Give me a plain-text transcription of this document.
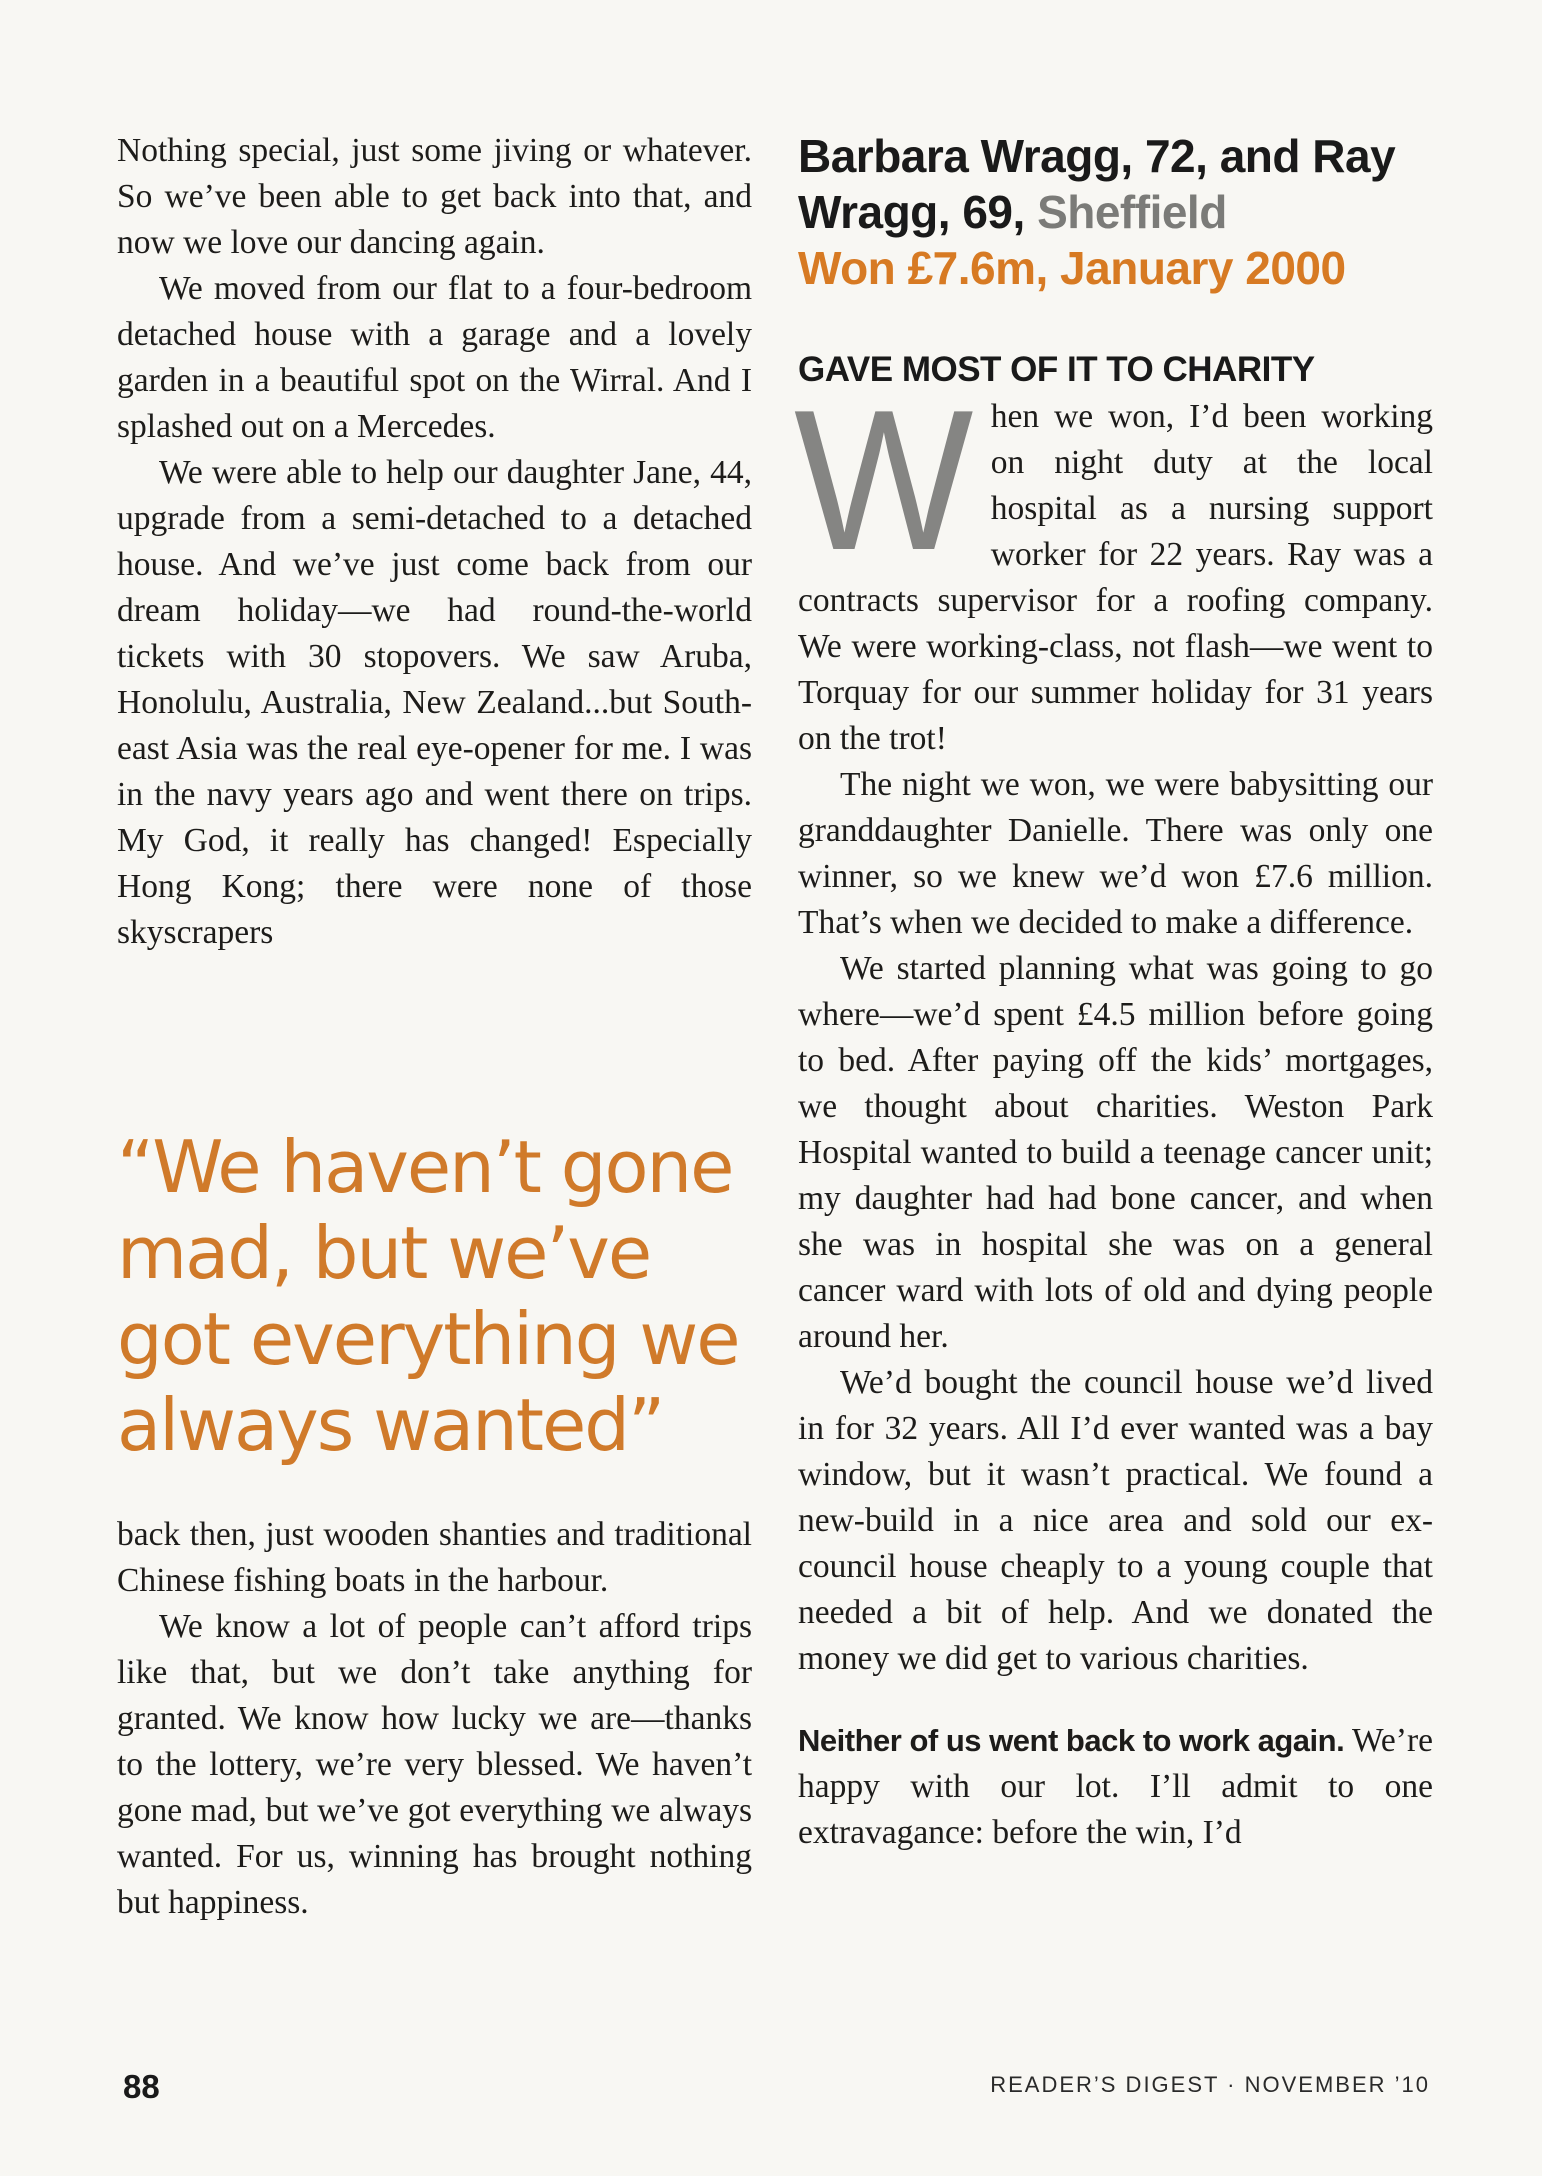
Nothing special, just some jiving or whatever. So we’ve been able to get back into that, and now we love our dancing again.

We moved from our flat to a four-bedroom detached house with a garage and a lovely garden in a beautiful spot on the Wirral. And I splashed out on a Mercedes.

We were able to help our daughter Jane, 44, upgrade from a semi-detached to a detached house. And we’ve just come back from our dream holiday—we had round-the-world tickets with 30 stopovers. We saw Aruba, Honolulu, Australia, New Zealand...but South-east Asia was the real eye-opener for me. I was in the navy years ago and went there on trips. My God, it really has changed! Especially Hong Kong; there were none of those skyscrapers

“We haven’t gone mad, but we’ve got everything we always wanted”

back then, just wooden shanties and traditional Chinese fishing boats in the harbour.

We know a lot of people can’t afford trips like that, but we don’t take anything for granted. We know how lucky we are—thanks to the lottery, we’re very blessed. We haven’t gone mad, but we’ve got everything we always wanted. For us, winning has brought nothing but happiness.

Barbara Wragg, 72, and Ray Wragg, 69, Sheffield
Won £7.6m, January 2000
GAVE MOST OF IT TO CHARITY

When we won, I’d been working on night duty at the local hospital as a nursing support worker for 22 years. Ray was a contracts supervisor for a roofing company. We were working-class, not flash—we went to Torquay for our summer holiday for 31 years on the trot!

The night we won, we were babysitting our granddaughter Danielle. There was only one winner, so we knew we’d won £7.6 million. That’s when we decided to make a difference.

We started planning what was going to go where—we’d spent £4.5 million before going to bed. After paying off the kids’ mortgages, we thought about charities. Weston Park Hospital wanted to build a teenage cancer unit; my daughter had had bone cancer, and when she was in hospital she was on a general cancer ward with lots of old and dying people around her.

We’d bought the council house we’d lived in for 32 years. All I’d ever wanted was a bay window, but it wasn’t practical. We found a new-build in a nice area and sold our ex-council house cheaply to a young couple that needed a bit of help. And we donated the money we did get to various charities.

Neither of us went back to work again. We’re happy with our lot. I’ll admit to one extravagance: before the win, I’d

88	READER’S DIGEST · NOVEMBER ’10
